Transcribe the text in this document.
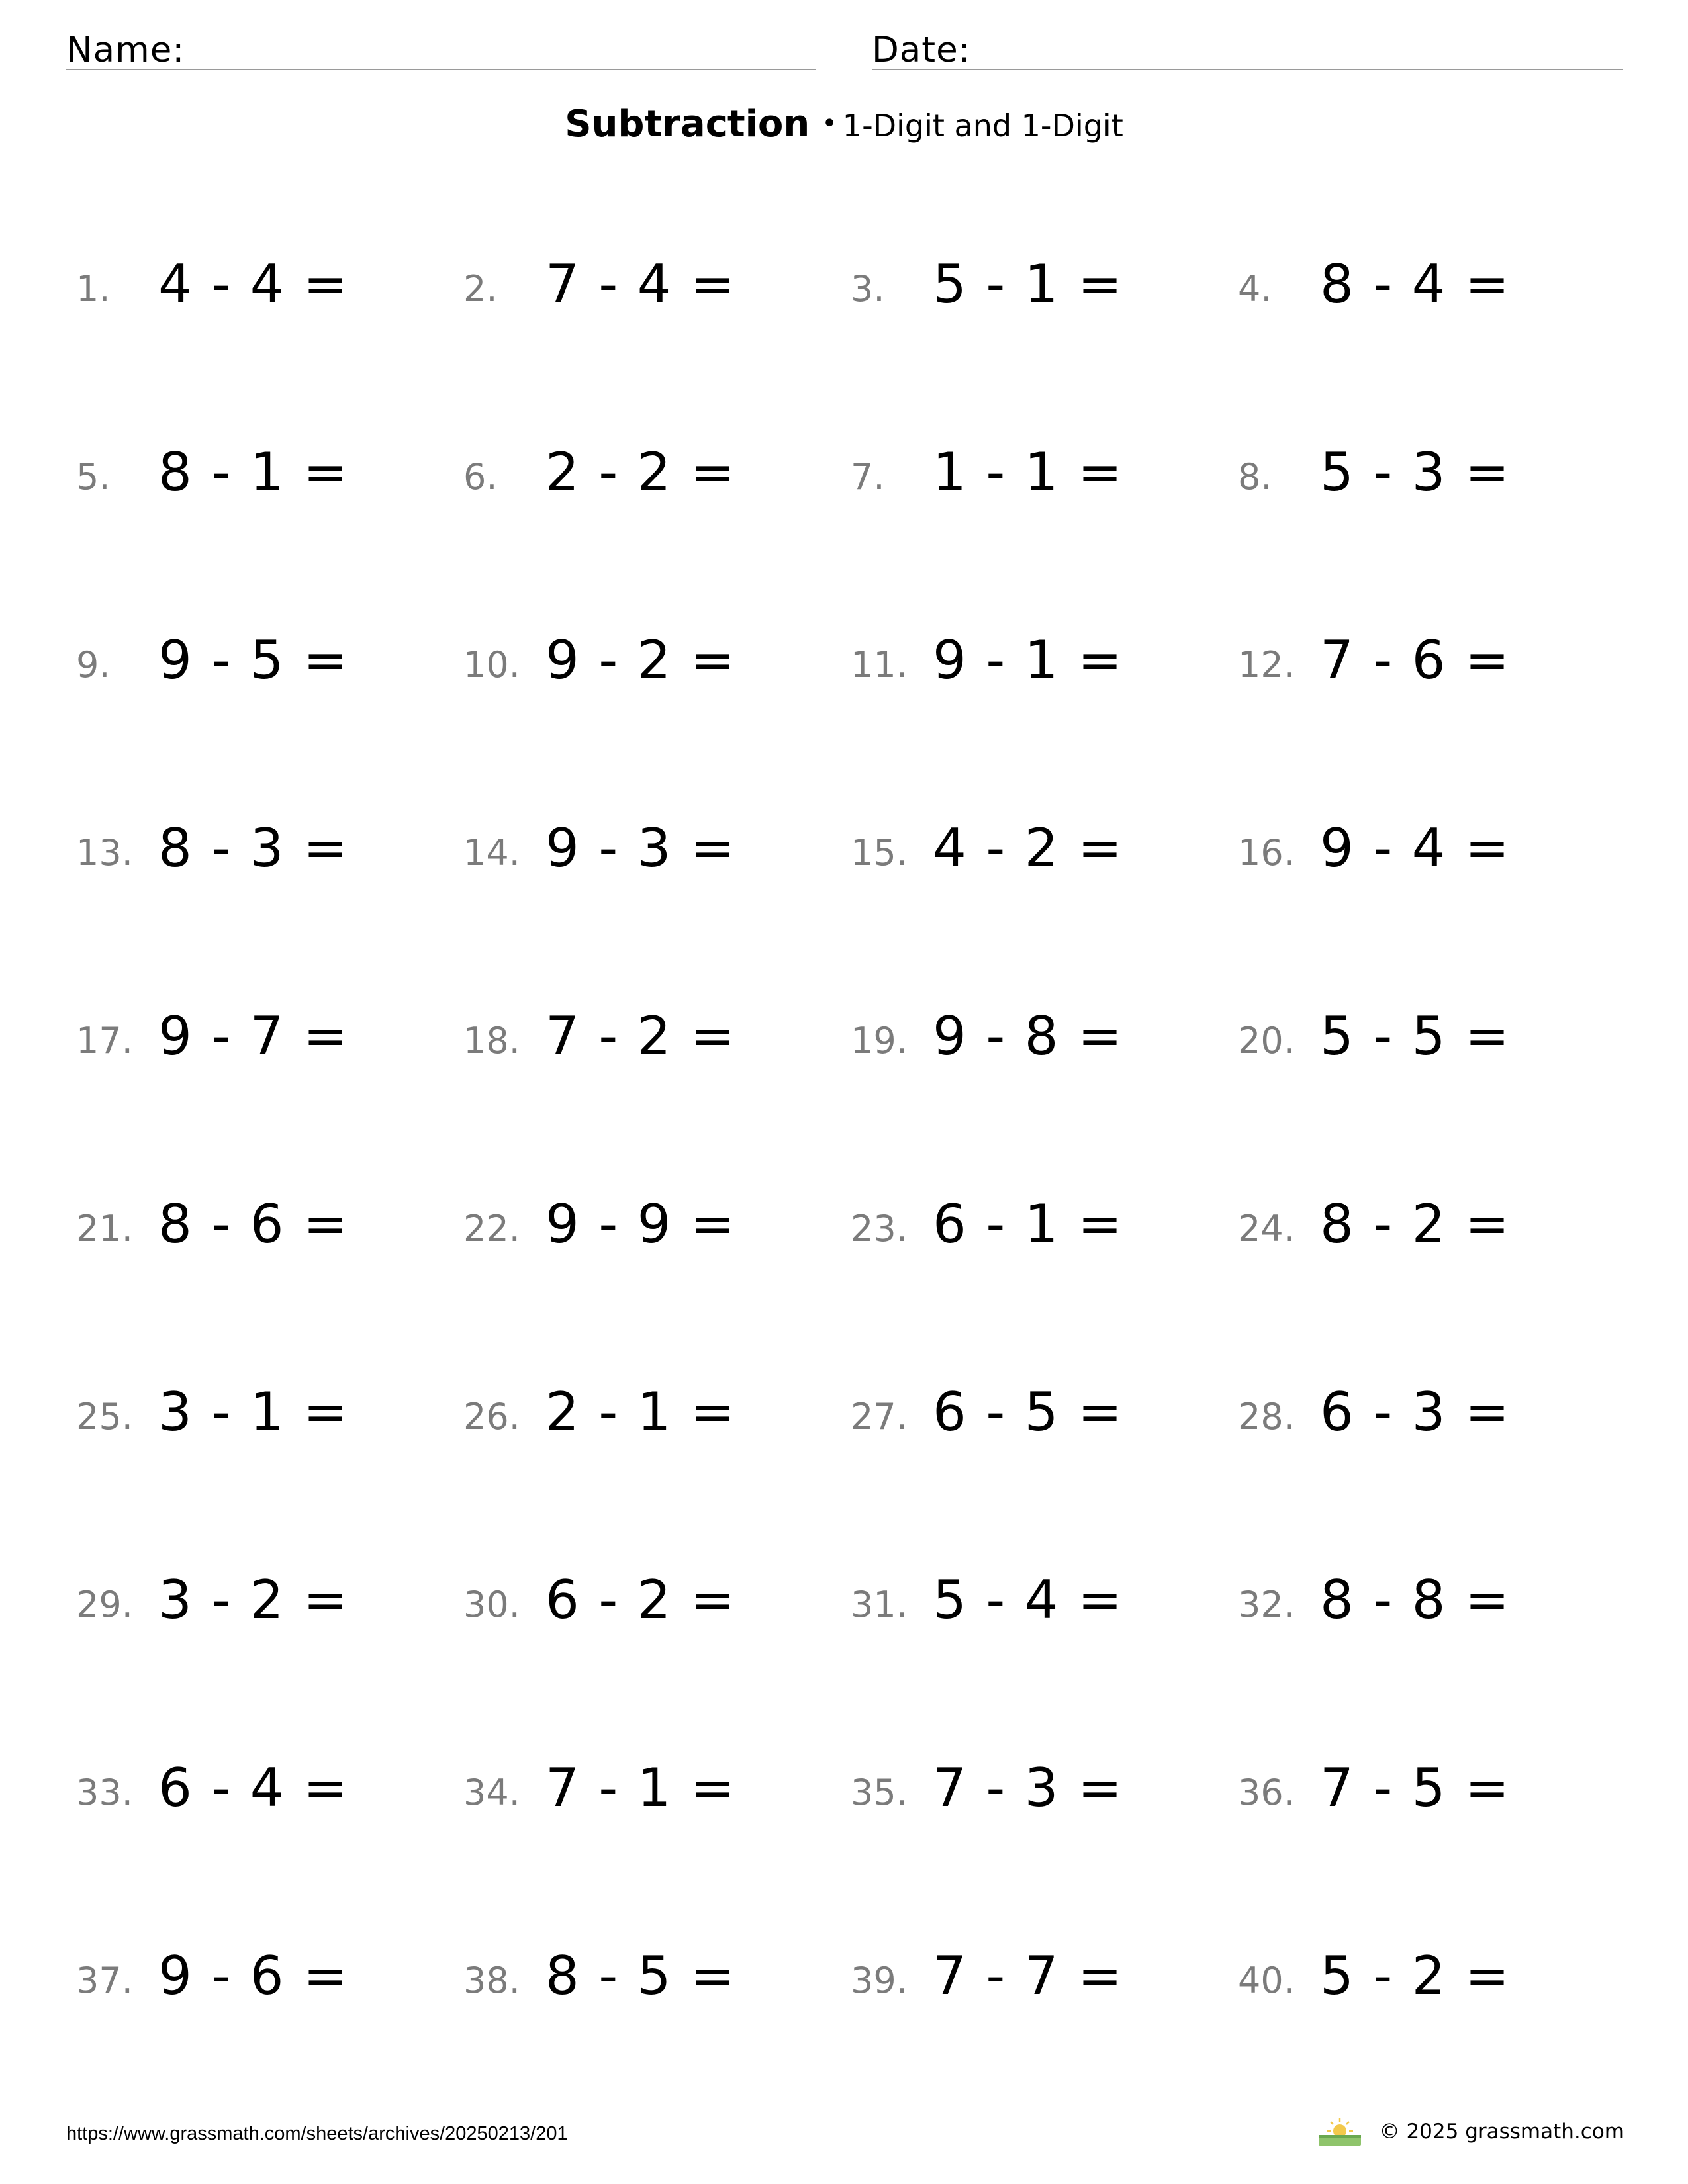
Name:	Date:
Subtraction • 1-Digit and 1-Digit
1. 4 - 4 =	2. 7 - 4 =	3. 5 - 1 =	4. 8 - 4 =
5. 8 - 1 =	6. 2 - 2 =	7. 1 - 1 =	8. 5 - 3 =
9. 9 - 5 =	10. 9 - 2 =	11. 9 - 1 =	12. 7 - 6 =
13. 8 - 3 =	14. 9 - 3 =	15. 4 - 2 =	16. 9 - 4 =
17. 9 - 7 =	18. 7 - 2 =	19. 9 - 8 =	20. 5 - 5 =
21. 8 - 6 =	22. 9 - 9 =	23. 6 - 1 =	24. 8 - 2 =
25. 3 - 1 =	26. 2 - 1 =	27. 6 - 5 =	28. 6 - 3 =
29. 3 - 2 =	30. 6 - 2 =	31. 5 - 4 =	32. 8 - 8 =
33. 6 - 4 =	34. 7 - 1 =	35. 7 - 3 =	36. 7 - 5 =
37. 9 - 6 =	38. 8 - 5 =	39. 7 - 7 =	40. 5 - 2 =
https://www.grassmath.com/sheets/archives/20250213/201	© 2025 grassmath.com
